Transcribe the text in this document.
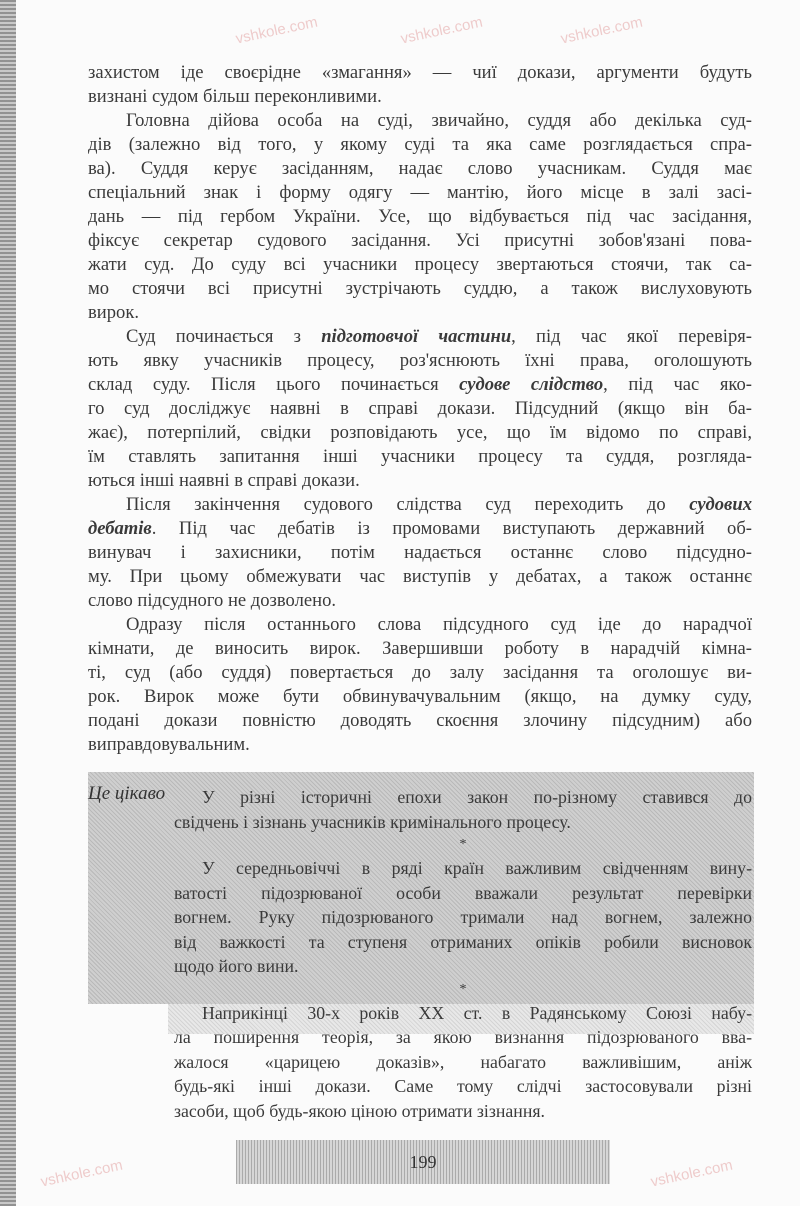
vshkole.com	vshkole.com	vshkole.com
vshkole.com	vshkole.com
захистом іде своєрідне «змагання» — чиї докази, аргументи будуть
визнані судом більш переконливими.
Головна дійова особа на суді, звичайно, суддя або декілька суд-
дів (залежно від того, у якому суді та яка саме розглядається спра-
ва). Суддя керує засіданням, надає слово учасникам. Суддя має
спеціальний знак і форму одягу — мантію, його місце в залі засі-
дань — під гербом України. Усе, що відбувається під час засідання,
фіксує секретар судового засідання. Усі присутні зобов'язані пова-
жати суд. До суду всі учасники процесу звертаються стоячи, так са-
мо стоячи всі присутні зустрічають суддю, а також вислуховують
вирок.
Суд починається з підготовчої частини, під час якої перевіря-
ють явку учасників процесу, роз'яснюють їхні права, оголошують
склад суду. Після цього починається судове слідство, під час яко-
го суд досліджує наявні в справі докази. Підсудний (якщо він ба-
жає), потерпілий, свідки розповідають усе, що їм відомо по справі,
їм ставлять запитання інші учасники процесу та суддя, розгляда-
ються інші наявні в справі докази.
Після закінчення судового слідства суд переходить до судових
дебатів. Під час дебатів із промовами виступають державний об-
винувач і захисники, потім надається останнє слово підсудно-
му. При цьому обмежувати час виступів у дебатах, а також останнє
слово підсудного не дозволено.
Одразу після останнього слова підсудного суд іде до нарадчої
кімнати, де виносить вирок. Завершивши роботу в нарадчій кімна-
ті, суд (або суддя) повертається до залу засідання та оголошує ви-
рок. Вирок може бути обвинувачувальним (якщо, на думку суду,
подані докази повністю доводять скоєння злочину підсудним) або
виправдовувальним.
Це цікаво	У різні історичні епохи закон по-різному ставився до
свідчень і зізнань учасників кримінального процесу.
*
У середньовіччі в ряді країн важливим свідченням вину-
ватості підозрюваної особи вважали результат перевірки
вогнем. Руку підозрюваного тримали над вогнем, залежно
від важкості та ступеня отриманих опіків робили висновок
щодо його вини.
*
Наприкінці 30-х років XX ст. в Радянському Союзі набу-
ла поширення теорія, за якою визнання підозрюваного вва-
жалося «царицею доказів», набагато важливішим, аніж
будь-які інші докази. Саме тому слідчі застосовували різні
засоби, щоб будь-якою ціною отримати зізнання.
199
